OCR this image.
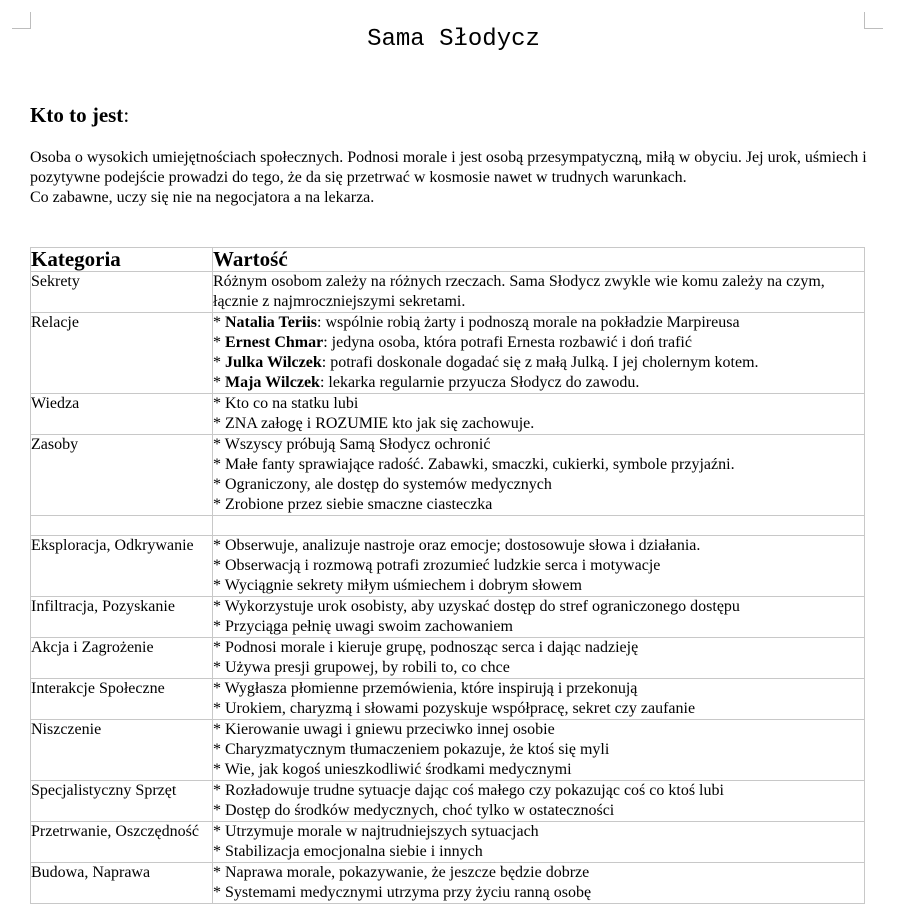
Sama Słodycz
Kto to jest:

Osoba o wysokich umiejętnościach społecznych. Podnosi morale i jest osobą przesympatyczną, miłą w obyciu. Jej urok, uśmiech i pozytywne podejście prowadzi do tego, że da się przetrwać w kosmosie nawet w trudnych warunkach.

Co zabawne, uczy się nie na negocjatora a na lekarza.

Kategoria	Wartość
Sekrety	Różnym osobom zależy na różnych rzeczach. Sama Słodycz zwykle wie komu zależy na czym, łącznie z najmroczniejszymi sekretami.

Relacje	* Natalia Teriis: wspólnie robią żarty i podnoszą morale na pokładzie Marpireusa
* Ernest Chmar: jedyna osoba, która potrafi Ernesta rozbawić i doń trafić
* Julka Wilczek: potrafi doskonale dogadać się z małą Julką. I jej cholernym kotem.
* Maja Wilczek: lekarka regularnie przyucza Słodycz do zawodu.

Wiedza	* Kto co na statku lubi
* ZNA załogę i ROZUMIE kto jak się zachowuje.

Zasoby	* Wszyscy próbują Samą Słodycz ochronić
* Małe fanty sprawiające radość. Zabawki, smaczki, cukierki, symbole przyjaźni.
* Ograniczony, ale dostęp do systemów medycznych
* Zrobione przez siebie smaczne ciasteczka

Eksploracja, Odkrywanie	* Obserwuje, analizuje nastroje oraz emocje; dostosowuje słowa i działania.
* Obserwacją i rozmową potrafi zrozumieć ludzkie serca i motywacje
* Wyciągnie sekrety miłym uśmiechem i dobrym słowem

Infiltracja, Pozyskanie	* Wykorzystuje urok osobisty, aby uzyskać dostęp do stref ograniczonego dostępu
* Przyciąga pełnię uwagi swoim zachowaniem

Akcja i Zagrożenie	* Podnosi morale i kieruje grupę, podnosząc serca i dając nadzieję
* Używa presji grupowej, by robili to, co chce

Interakcje Społeczne	* Wygłasza płomienne przemówienia, które inspirują i przekonują
* Urokiem, charyzmą i słowami pozyskuje współpracę, sekret czy zaufanie

Niszczenie	* Kierowanie uwagi i gniewu przeciwko innej osobie
* Charyzmatycznym tłumaczeniem pokazuje, że ktoś się myli
* Wie, jak kogoś unieszkodliwić środkami medycznymi

Specjalistyczny Sprzęt	* Rozładowuje trudne sytuacje dając coś małego czy pokazując coś co ktoś lubi
* Dostęp do środków medycznych, choć tylko w ostateczności

Przetrwanie, Oszczędność	* Utrzymuje morale w najtrudniejszych sytuacjach
* Stabilizacja emocjonalna siebie i innych

Budowa, Naprawa	* Naprawa morale, pokazywanie, że jeszcze będzie dobrze
* Systemami medycznymi utrzyma przy życiu ranną osobę
